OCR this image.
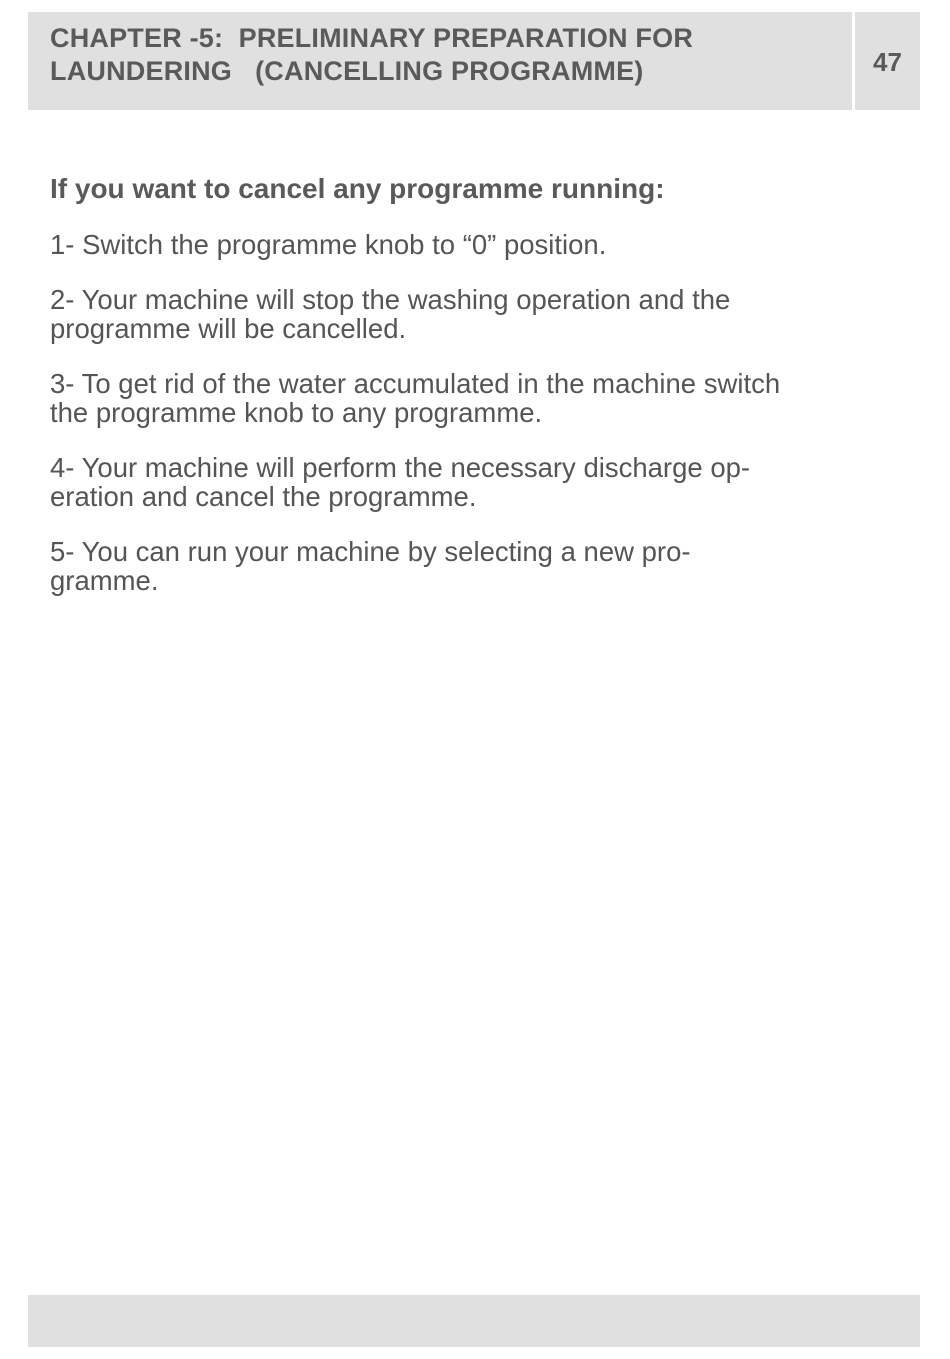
CHAPTER -5:  PRELIMINARY PREPARATION FOR
LAUNDERING   (CANCELLING PROGRAMME)	47
If you want to cancel any programme running:

1- Switch the programme knob to “0” position.

2- Your machine will stop the washing operation and the
programme will be cancelled.

3- To get rid of the water accumulated in the machine switch
the programme knob to any programme.

4- Your machine will perform the necessary discharge op-
eration and cancel the programme.

5- You can run your machine by selecting a new pro-
gramme.
